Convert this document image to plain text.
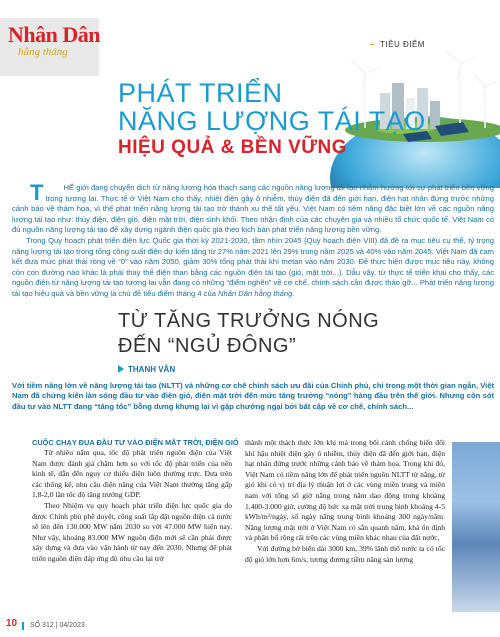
Nhân Dân
hằng tháng
TIÊU ĐIỂM
PHÁT TRIỂN
NĂNG LƯỢNG TÁI TẠO
HIỆU QUẢ & BỀN VỮNG

T	HẾ giới đang chuyển dịch từ năng lượng hóa thạch sang các nguồn năng lượng tái tạo nhằm hướng tới sự phát triển bền vững trong tương lai. Thực tế ở Việt Nam cho thấy, nhiệt điện gây ô nhiễm, thủy điện đã đến giới hạn, điện hạt nhân đứng trước những cảnh báo về thảm họa, vì thế phát triển năng lượng tái tạo trở thành xu thế tất yếu. Việt Nam có tiềm năng đặc biệt lớn về các nguồn năng lượng tái tạo như: thủy điện, điện gió, điện mặt trời, điện sinh khối. Theo nhận định của các chuyên gia và nhiều tổ chức quốc tế, Việt Nam có đủ nguồn năng lượng tái tạo để xây dựng ngành điện quốc gia theo kịch bản phát triển năng lượng bền vững.

Trong Quy hoạch phát triển điện lực Quốc gia thời kỳ 2021-2030, tầm nhìn 2045 (Quy hoạch điện VIII) đã đề ra mục tiêu cụ thể, tỷ trọng năng lượng tái tạo trong tổng công suất điện dự kiến tăng từ 27% năm 2021 lên 29% trong năm 2025 và 40% vào năm 2045. Việt Nam đã cam kết đưa mức phát thải ròng về “0” vào năm 2050, giảm 30% tổng phát thải khí metan vào năm 2030. Để thực hiện được mục tiêu này, không còn con đường nào khác là phải thay thế điện than bằng các nguồn điện tái tạo (gió, mặt trời...). Dẫu vậy, từ thực tế triển khai cho thấy, các nguồn điện từ năng lượng tái tạo tương lai vẫn đang có những “điểm nghẽn” về cơ chế, chính sách cần được tháo gỡ... Phát triển năng lượng tái tạo hiệu quả và bền vững là chủ đề tiêu điểm tháng 4 của Nhân Dân hằng tháng.

TỪ TĂNG TRƯỞNG NÓNG
ĐẾN “NGỦ ĐÔNG”
THANH VÂN
Với tiềm năng lớn về năng lượng tái tạo (NLTT) và những cơ chế chính sách ưu đãi của Chính phủ, chỉ trong một thời gian ngắn, Việt Nam đã chứng kiến làn sóng đầu tư vào điện gió, điện mặt trời đến mức tăng trưởng “nóng” hàng đầu trên thế giới. Nhưng còn sót đầu tư vào NLTT đang “tăng tốc” bỗng dưng khựng lại vì gặp chướng ngại bởi bất cập về cơ chế, chính sách...
CUỘC CHẠY ĐUA ĐẦU TƯ VÀO ĐIỆN MẶT TRỜI, ĐIỆN GIÓ

Từ nhiều năm qua, tốc độ phát triển nguồn điện của Việt Nam được đánh giá chậm hơn so với tốc độ phát triển của nền kinh tế, dẫn đến nguy cơ thiếu điện luôn thường trực. Đưa trên các thống kê, nhu cầu điện năng của Việt Nam thường tăng gấp 1,8-2,0 lần tốc độ tăng trưởng GDP.

Theo Nhiệm vụ quy hoạch phát triển điện lực quốc gia do được Chính phủ phê duyệt, công suất lắp đặt nguồn điện cả nước sẽ lên đến 130.000 MW năm 2030 so với 47.000 MW hiện nay. Như vậy, khoảng 83.000 MW nguồn điện mới sẽ cần phải được xây dựng và đưa vào vận hành từ nay đến 2030. Nhưng để phát triển nguồn điện đáp ứng đủ nhu cầu lại trở

thành một thách thức lớn khi mà trong bối cảnh chống biến đổi khí hậu nhiệt điện gây ô nhiễm, thủy điện đã đến giới hạn, điện hạt nhân đứng trước những cảnh báo về thảm họa. Trong khi đó, Việt Nam có tiềm năng lớn để phát triển nguồn NLTT từ nắng, từ gió khi có vị trí địa lý thuận lợi ở các vùng miền trung và miền nam với tổng số giờ nắng trong năm dao động trong khoảng 1.400-3.000 giờ, cường độ bức xạ mặt trời trung bình khoảng 4-5 kWh/m²/ngày, số ngày nắng trung bình khoảng 300 ngày/năm. Năng lượng mặt trời ở Việt Nam có sẵn quanh năm, khá ổn định và phân bố rộng rãi trên các vùng miền khác nhau của đất nước.

Với đường bờ biển dài 3000 km, 39% lãnh thổ nước ta có tốc độ gió lớn hơn 6m/s, tương đương tiềm năng sản lượng

10 SỐ 312 | 04/2023
